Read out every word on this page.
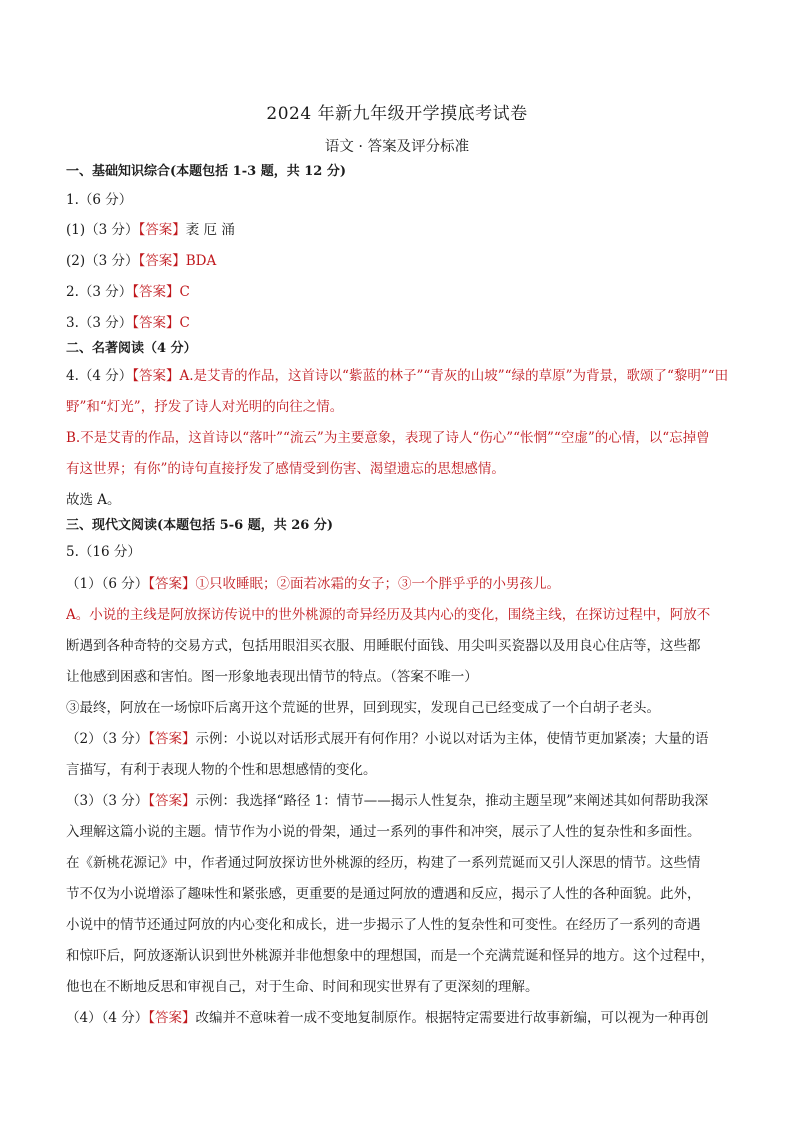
2024 年新九年级开学摸底考试卷
语文 · 答案及评分标准
一、基础知识综合(本题包括 1-3 题，共 12 分)
1.（6 分）
(1)（3 分）【答案】袤 厄 涌
(2)（3 分）【答案】BDA
2.（3 分）【答案】C
3.（3 分）【答案】C
二、名著阅读（4 分）
4.（4 分）【答案】A.是艾青的作品，这首诗以“紫蓝的林子”“青灰的山坡”“绿的草原”为背景，歌颂了“黎明”“田
野”和“灯光”，抒发了诗人对光明的向往之情。
B.不是艾青的作品，这首诗以“落叶”“流云”为主要意象，表现了诗人“伤心”“怅惘”“空虚”的心情，以“忘掉曾
有这世界；有你”的诗句直接抒发了感情受到伤害、渴望遗忘的思想感情。
故选 A。
三、现代文阅读(本题包括 5-6 题，共 26 分)
5.（16 分）
（1）（6 分）【答案】①只收睡眠；②面若冰霜的女子；③一个胖乎乎的小男孩儿。
A。小说的主线是阿放探访传说中的世外桃源的奇异经历及其内心的变化，围绕主线，在探访过程中，阿放不
断遇到各种奇特的交易方式，包括用眼泪买衣服、用睡眠付面钱、用尖叫买瓷器以及用良心住店等，这些都
让他感到困惑和害怕。图一形象地表现出情节的特点。（答案不唯一）
③最终，阿放在一场惊吓后离开这个荒诞的世界，回到现实，发现自己已经变成了一个白胡子老头。
（2）（3 分）【答案】示例：小说以对话形式展开有何作用？小说以对话为主体，使情节更加紧凑；大量的语
言描写，有利于表现人物的个性和思想感情的变化。
（3）（3 分）【答案】示例：我选择“路径 1：情节——揭示人性复杂，推动主题呈现”来阐述其如何帮助我深
入理解这篇小说的主题。情节作为小说的骨架，通过一系列的事件和冲突，展示了人性的复杂性和多面性。
在《新桃花源记》中，作者通过阿放探访世外桃源的经历，构建了一系列荒诞而又引人深思的情节。这些情
节不仅为小说增添了趣味性和紧张感，更重要的是通过阿放的遭遇和反应，揭示了人性的各种面貌。此外，
小说中的情节还通过阿放的内心变化和成长，进一步揭示了人性的复杂性和可变性。在经历了一系列的奇遇
和惊吓后，阿放逐渐认识到世外桃源并非他想象中的理想国，而是一个充满荒诞和怪异的地方。这个过程中，
他也在不断地反思和审视自己，对于生命、时间和现实世界有了更深刻的理解。
（4）（4 分）【答案】改编并不意味着一成不变地复制原作。根据特定需要进行故事新编，可以视为一种再创
